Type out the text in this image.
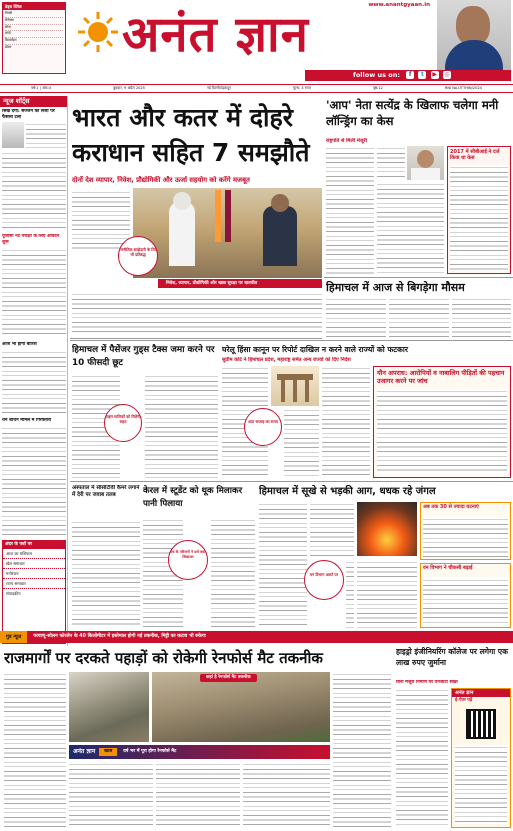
ब्रेड्स ब्लिंक
निफ्टी
सेंसेक्स
सोना
चांदी
बिटकॉइन
डॉलर	अनंत ज्ञान
www.anantgyaan.in
follow us on: f t ▶ ◎
वर्ष:1 | अंक:3	बुधवार, 9 अप्रैल 2025	नई दिल्ली/देहरादून	मूल्य: 3 रुपए	पृष्ठ:12	RNI No.UTTHIN/2024
न्यूज शॉर्ट्स
सिख दंगा: सज्जन की सजा पर फैसला टला
यूजीसी नेट परीक्षा के लिए आवेदन शुरू
आज भी होगी बारिश
धन शोधन मामले में गिरफ्तारी
अंदर के पन्नों पर
आज का राशिफल
खेल समाचार
मनोरंजन
राज्य समाचार
संपादकीय
भारत और कतर में दोहरे कराधान सहित 7 समझौते
दोनों देश व्यापार, निवेश, प्रौद्योगिकी और ऊर्जा सहयोग को करेंगे मजबूत
रणनीतिक साझेदारी के लिए भी प्रतिबद्ध
निवेश, व्यापार, प्रौद्योगिकी और खाद्य सुरक्षा पर बातचीत
'आप' नेता सत्येंद्र के खिलाफ चलेगा मनी लॉन्ड्रिंग का केस
राष्ट्रपति से मिली मंजूरी
2017 में सीबीआई ने दर्ज किया था केस
हिमाचल में आज से बिगड़ेगा मौसम
हिमाचल में पैसेंजर गुड्स टैक्स जमा करने पर 10 फीसदी छूट
वाहन मालिकों को मिलेगी राहत
घरेलू हिंसा कानून पर रिपोर्ट दाखिल न करने वाले राज्यों को फटकार
सुप्रीम कोर्ट ने हिमाचल प्रदेश, महाराष्ट्र समेत अन्य राज्यों को दिए निर्देश
आठ सप्ताह का समय
यौन अपराध: आरोपियों व नाबालिग पीड़ितों की पहचान उजागर करने पर जांच
अस्पताल में सीसीटीवी कैमरे लगाने में देरी पर जवाब तलब	केरल में स्टूडेंट को थूक मिलाकर पानी पिलाया
छात्र के परिजनों ने दर्ज कराई शिकायत
हिमाचल में सूखे से भड़की आग, धधक रहे जंगल
वन विभाग अलर्ट पर
अब तक 30 से ज्यादा घटनाएं
वन विभाग ने चौकसी बढ़ाई
गुड न्यूज	परवाणू-सोलन फोरलेन के 40 किलोमीटर में इस्तेमाल होगी नई तकनीक, मिट्टी का कटाव भी रुकेगा
राजमार्गों पर दरकते पहाड़ों को रोकेगी रेनफोर्स मैट तकनीक
कहां है रेनफोर्स मैट तकनीक
अनंत ज्ञान	खास	वर्ष भर में पूरा होगा रेनफोर्स मैट
हाइड्रो इंजीनियरिंग कॉलेज पर लगेगा एक लाख रुपए जुर्माना
बिना मंजूरी निर्माण पर एनजीटी सख्त
अनंत ज्ञान
ई-पेपर पढ़ें
